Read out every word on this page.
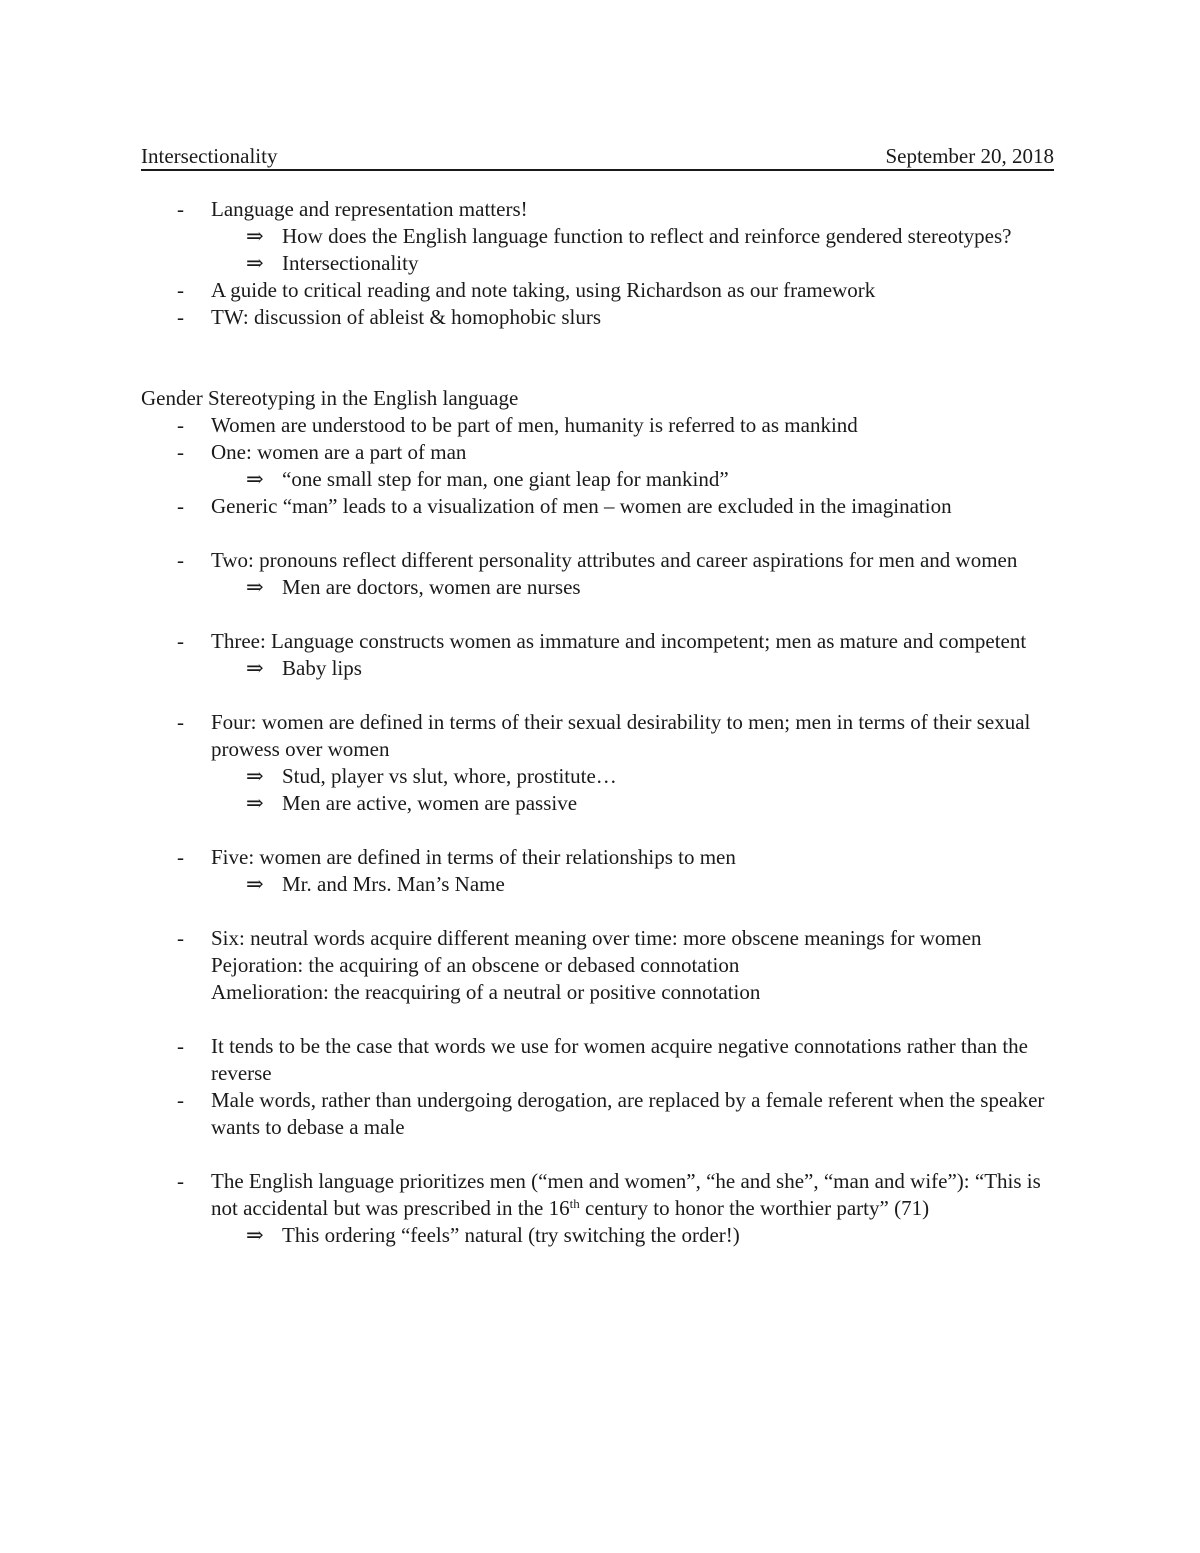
Intersectionality	September 20, 2018
- Language and representation matters!
⇒ How does the English language function to reflect and reinforce gendered stereotypes?
⇒ Intersectionality
- A guide to critical reading and note taking, using Richardson as our framework
- TW: discussion of ableist & homophobic slurs
Gender Stereotyping in the English language
- Women are understood to be part of men, humanity is referred to as mankind
- One: women are a part of man
⇒ “one small step for man, one giant leap for mankind”
- Generic “man” leads to a visualization of men – women are excluded in the imagination
- Two: pronouns reflect different personality attributes and career aspirations for men and women
⇒ Men are doctors, women are nurses
- Three: Language constructs women as immature and incompetent; men as mature and competent
⇒ Baby lips
- Four: women are defined in terms of their sexual desirability to men; men in terms of their sexual prowess over women
⇒ Stud, player vs slut, whore, prostitute…
⇒ Men are active, women are passive
- Five: women are defined in terms of their relationships to men
⇒ Mr. and Mrs. Man’s Name
- Six: neutral words acquire different meaning over time: more obscene meanings for women
Pejoration: the acquiring of an obscene or debased connotation
Amelioration: the reacquiring of a neutral or positive connotation
- It tends to be the case that words we use for women acquire negative connotations rather than the reverse
- Male words, rather than undergoing derogation, are replaced by a female referent when the speaker wants to debase a male
- The English language prioritizes men (“men and women”, “he and she”, “man and wife”): “This is not accidental but was prescribed in the 16th century to honor the worthier party” (71)
⇒ This ordering “feels” natural (try switching the order!)
